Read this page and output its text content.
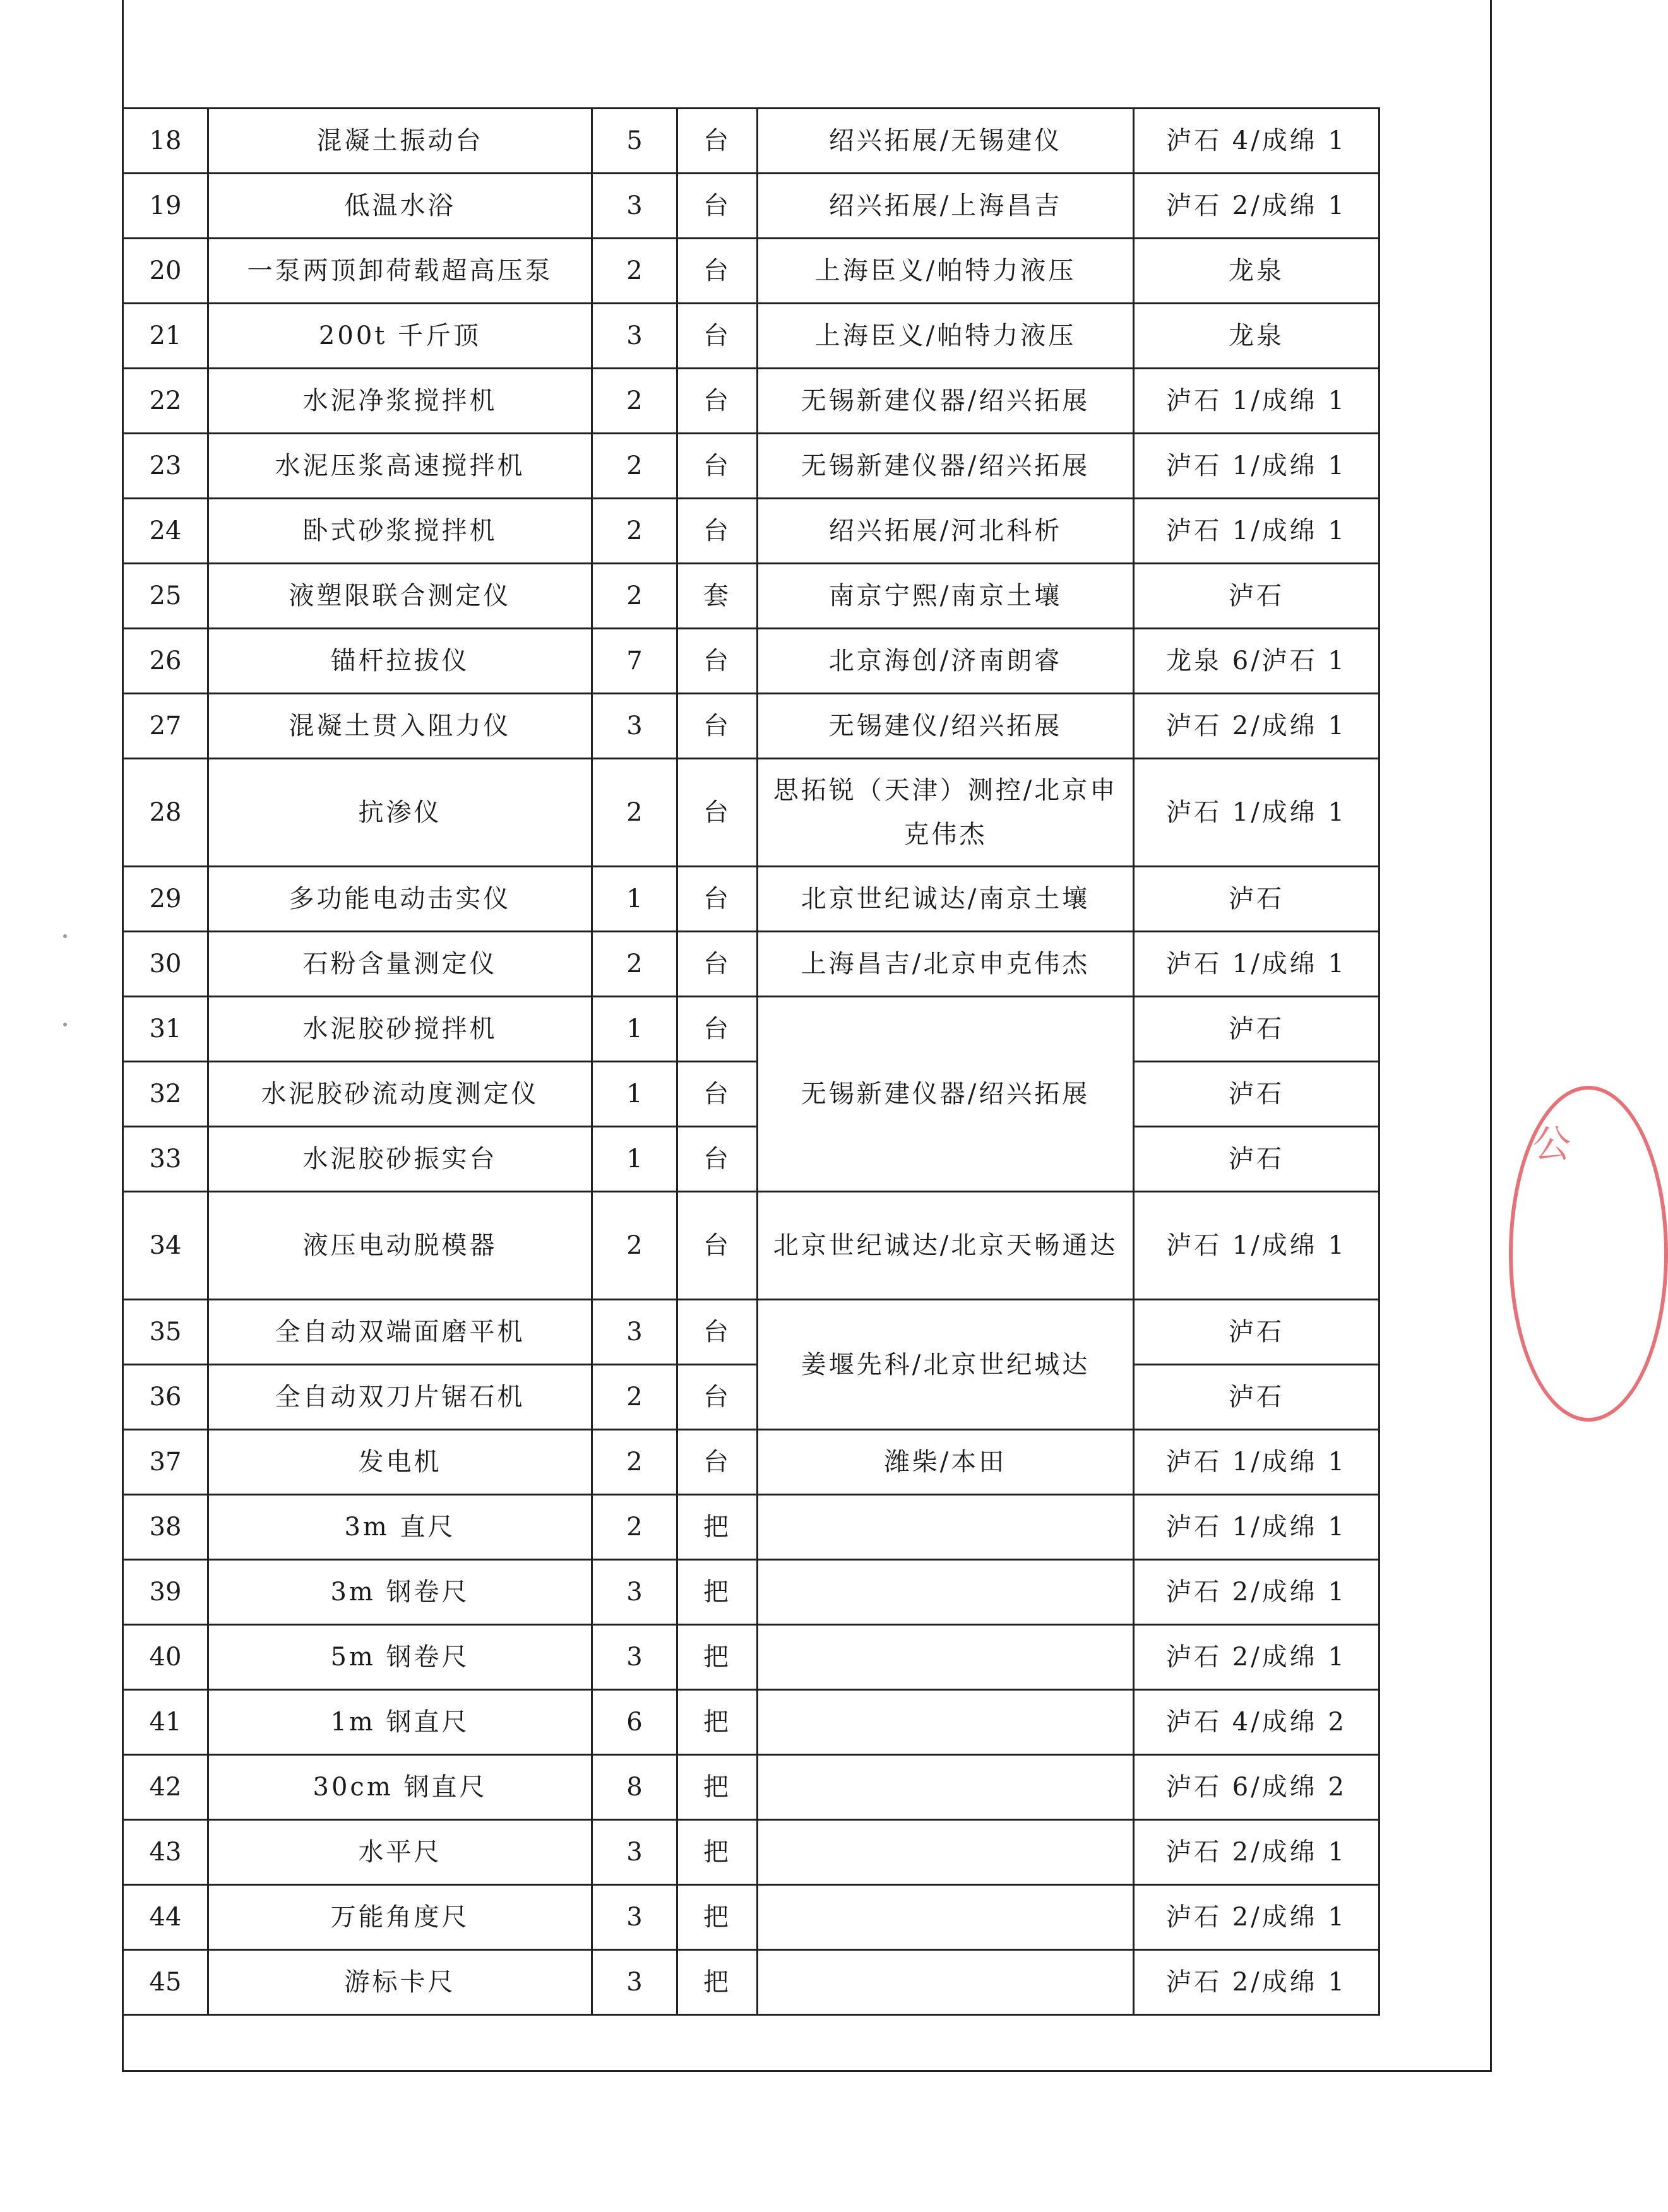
18	混凝土振动台	5	台	绍兴拓展/无锡建仪	泸石 4/成绵 1
19	低温水浴	3	台	绍兴拓展/上海昌吉	泸石 2/成绵 1
20	一泵两顶卸荷载超高压泵	2	台	上海臣义/帕特力液压	龙泉
21	200t 千斤顶	3	台	上海臣义/帕特力液压	龙泉
22	水泥净浆搅拌机	2	台	无锡新建仪器/绍兴拓展	泸石 1/成绵 1
23	水泥压浆高速搅拌机	2	台	无锡新建仪器/绍兴拓展	泸石 1/成绵 1
24	卧式砂浆搅拌机	2	台	绍兴拓展/河北科析	泸石 1/成绵 1
25	液塑限联合测定仪	2	套	南京宁熙/南京土壤	泸石
26	锚杆拉拔仪	7	台	北京海创/济南朗睿	龙泉 6/泸石 1
27	混凝土贯入阻力仪	3	台	无锡建仪/绍兴拓展	泸石 2/成绵 1
28	抗渗仪	2	台	思拓锐（天津）测控/北京申克伟杰	泸石 1/成绵 1
29	多功能电动击实仪	1	台	北京世纪诚达/南京土壤	泸石
30	石粉含量测定仪	2	台	上海昌吉/北京申克伟杰	泸石 1/成绵 1
31	水泥胶砂搅拌机	1	台	无锡新建仪器/绍兴拓展	泸石
32	水泥胶砂流动度测定仪	1	台		泸石
33	水泥胶砂振实台	1	台		泸石
34	液压电动脱模器	2	台	北京世纪诚达/北京天畅通达	泸石 1/成绵 1
35	全自动双端面磨平机	3	台	姜堰先科/北京世纪城达	泸石
36	全自动双刀片锯石机	2	台		泸石
37	发电机	2	台	潍柴/本田	泸石 1/成绵 1
38	3m 直尺	2	把		泸石 1/成绵 1
39	3m 钢卷尺	3	把		泸石 2/成绵 1
40	5m 钢卷尺	3	把		泸石 2/成绵 1
41	1m 钢直尺	6	把		泸石 4/成绵 2
42	30cm 钢直尺	8	把		泸石 6/成绵 2
43	水平尺	3	把		泸石 2/成绵 1
44	万能角度尺	3	把		泸石 2/成绵 1
45	游标卡尺	3	把		泸石 2/成绵 1
公
